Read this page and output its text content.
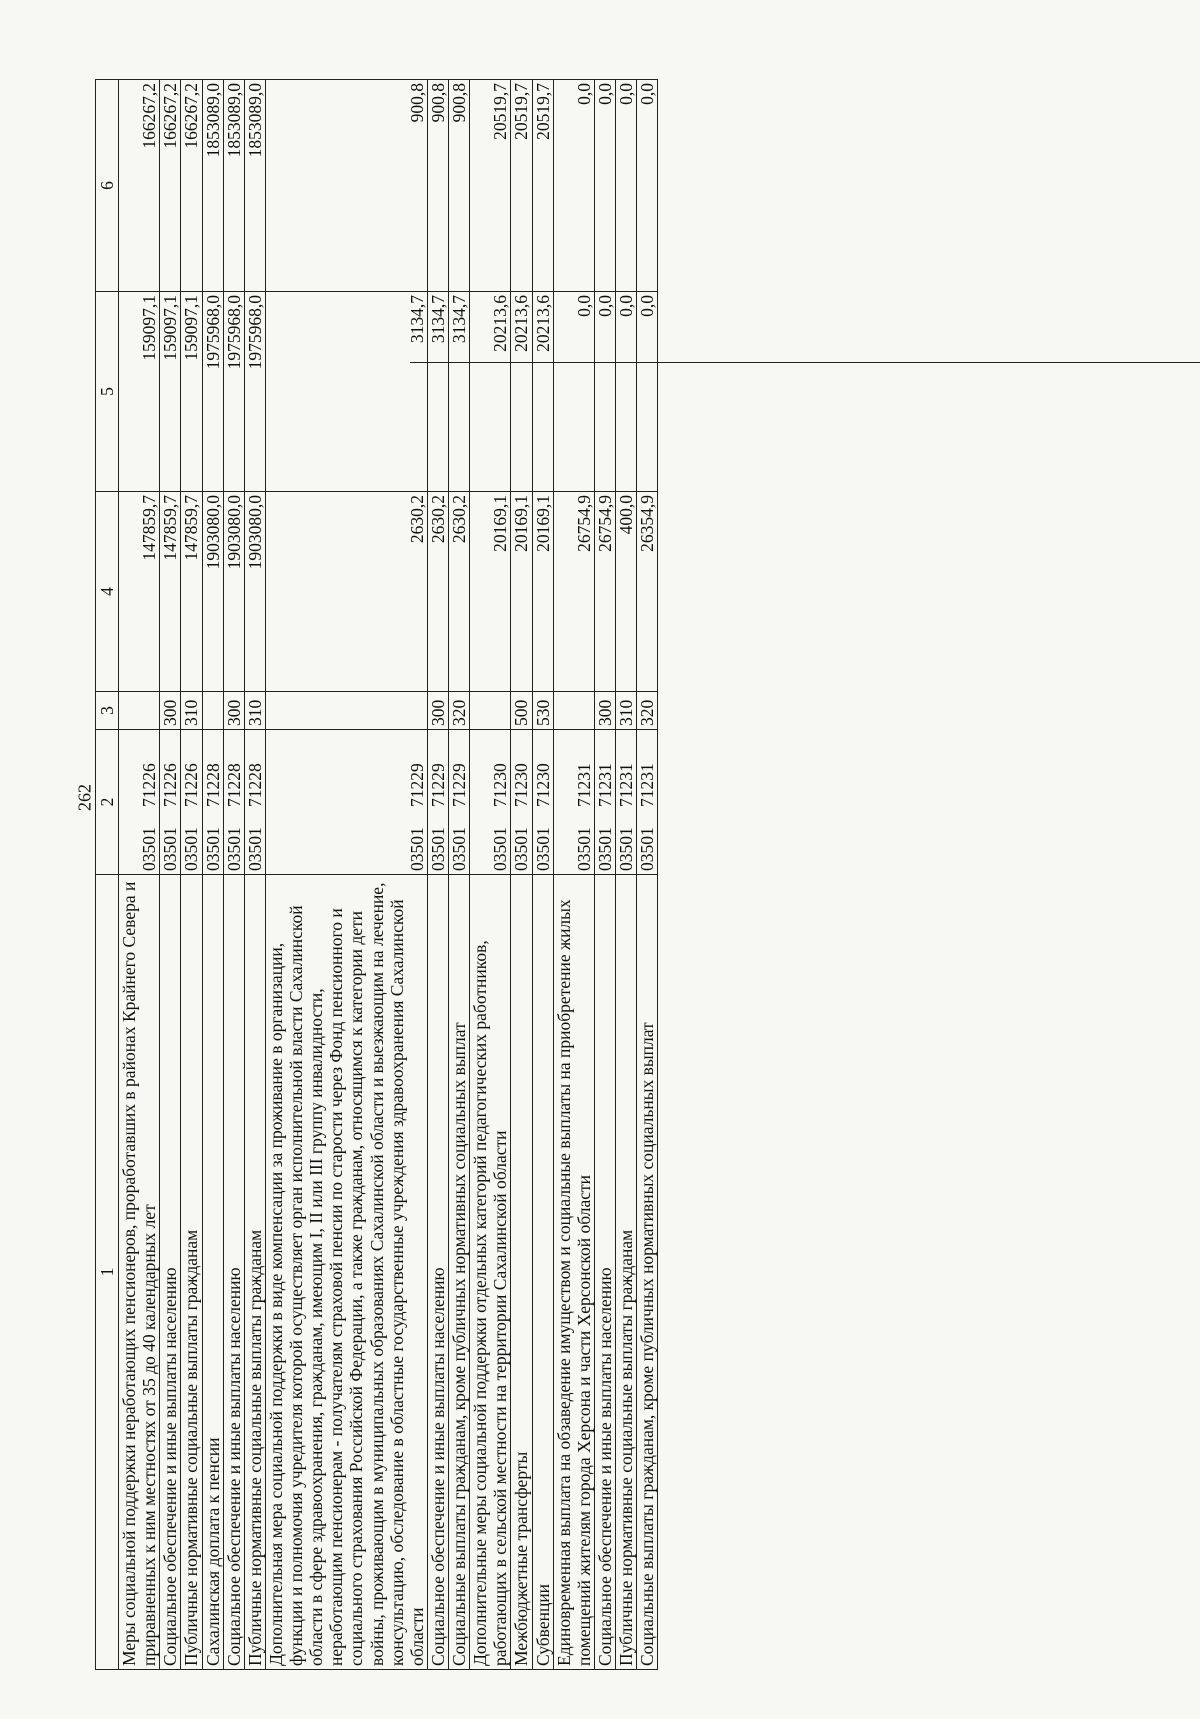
262
1	2	3	4	5	6
Меры социальной поддержки неработающих пенсионеров, проработавших в районах Крайнего Севера и приравненных к ним местностях от 35 до 40 календарных лет	0350171226		147859,7	159097,1	166267,2
Социальное обеспечение и иные выплаты населению	0350171226	300	147859,7	159097,1	166267,2
Публичные нормативные социальные выплаты гражданам	0350171226	310	147859,7	159097,1	166267,2
Сахалинская доплата к пенсии	0350171228		1903080,0	1975968,0	1853089,0
Социальное обеспечение и иные выплаты населению	0350171228	300	1903080,0	1975968,0	1853089,0
Публичные нормативные социальные выплаты гражданам	0350171228	310	1903080,0	1975968,0	1853089,0
Дополнительная мера социальной поддержки в виде компенсации за проживание в организации, функции и полномочия учредителя которой осуществляет орган исполнительной власти Сахалинской области в сфере здравоохранения, гражданам, имеющим I, II или III группу инвалидности, неработающим пенсионерам - получателям страховой пенсии по старости через Фонд пенсионного и социального страхования Российской Федерации, а также гражданам, относящимся к категории дети войны, проживающим в муниципальных образованиях Сахалинской области и выезжающим на лечение, консультацию, обследование в областные государственные учреждения здравоохранения Сахалинской области	0350171229		2630,2	3134,7	900,8
Социальное обеспечение и иные выплаты населению	0350171229	300	2630,2	3134,7	900,8
Социальные выплаты гражданам, кроме публичных нормативных социальных выплат	0350171229	320	2630,2	3134,7	900,8
Дополнительные меры социальной поддержки отдельных категорий педагогических работников, работающих в сельской местности на территории Сахалинской области	0350171230		20169,1	20213,6	20519,7
Межбюджетные трансферты	0350171230	500	20169,1	20213,6	20519,7
Субвенции	0350171230	530	20169,1	20213,6	20519,7
Единовременная выплата на обзаведение имуществом и социальные выплаты на приобретение жилых помещений жителям города Херсона и части Херсонской области	0350171231		26754,9	0,0	0,0
Социальное обеспечение и иные выплаты населению	0350171231	300	26754,9	0,0	0,0
Публичные нормативные социальные выплаты гражданам	0350171231	310	400,0	0,0	0,0
Социальные выплаты гражданам, кроме публичных нормативных социальных выплат	0350171231	320	26354,9	0,0	0,0
